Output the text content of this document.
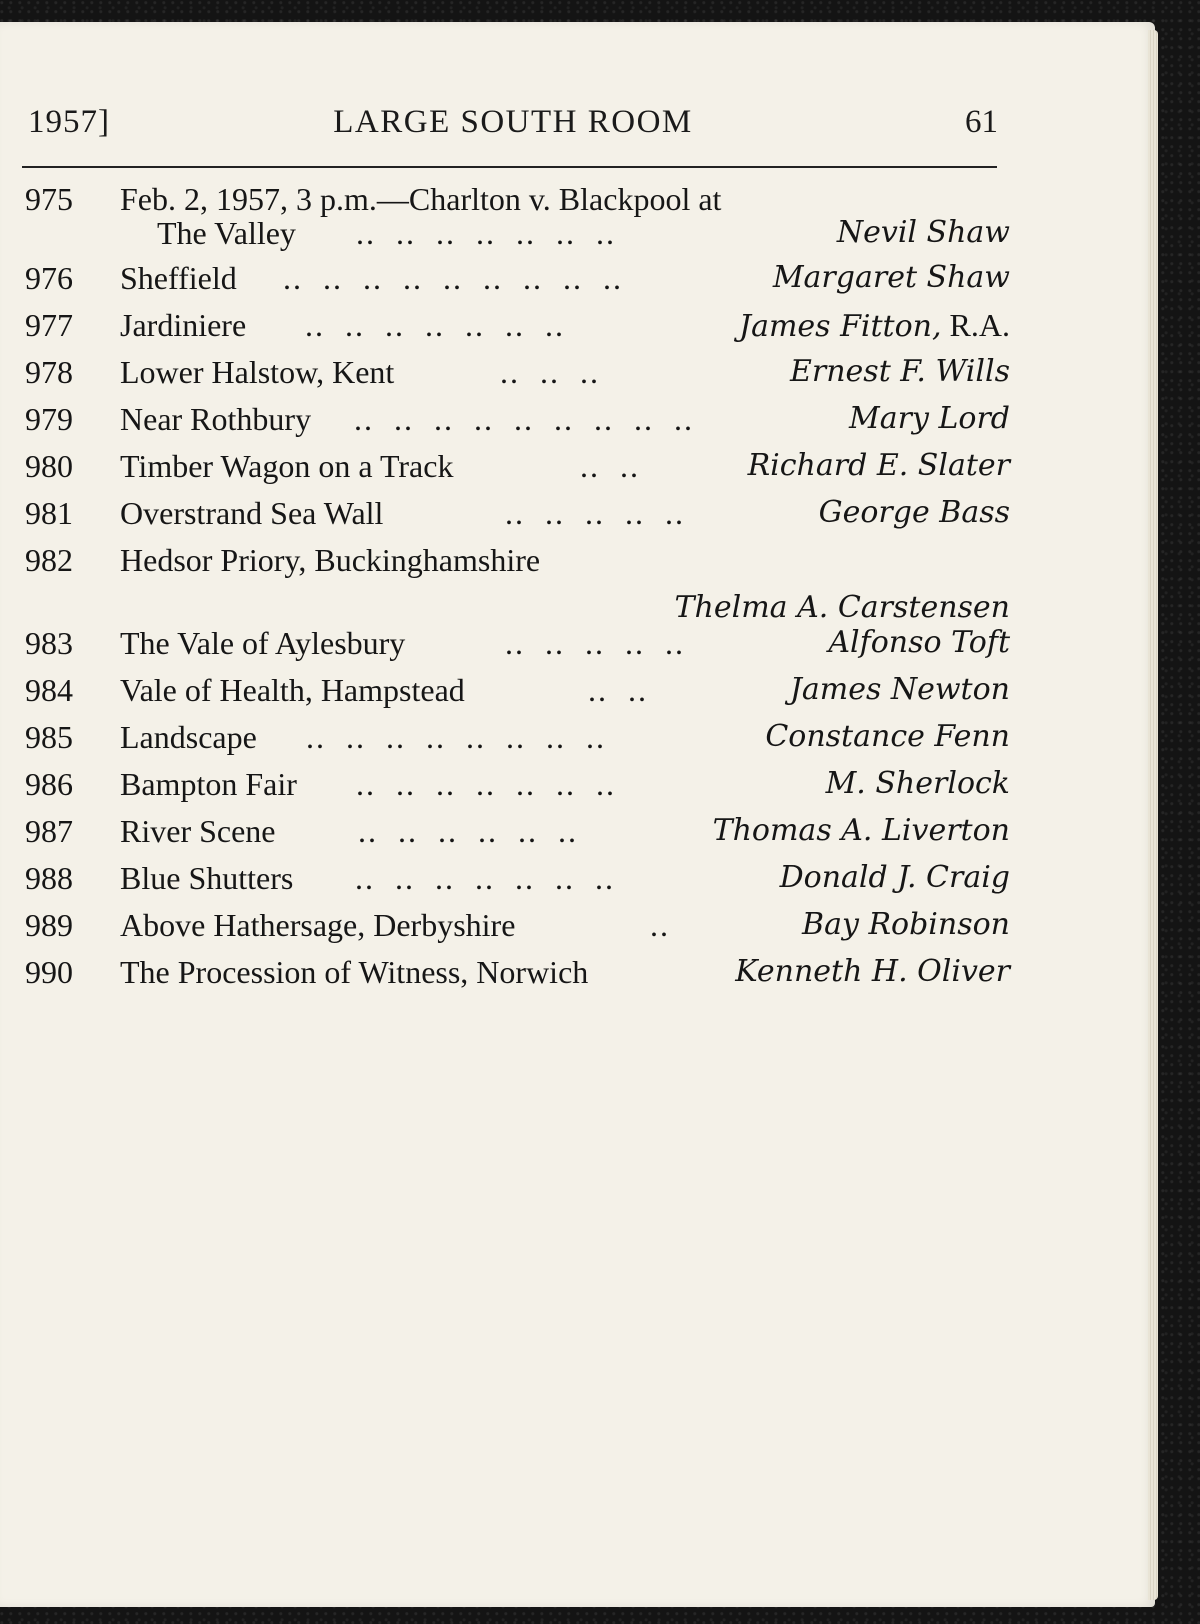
1957]	LARGE SOUTH ROOM	61
975	Feb. 2, 1957, 3 p.m.—Charlton v. Blackpool at
The Valley ..  ..  ..  ..  ..  ..  ..	Nevil Shaw
976	Sheffield ..  ..  ..  ..  ..  ..  ..  ..  ..	Margaret Shaw
977	Jardiniere ..  ..  ..  ..  ..  ..  ..	James Fitton, R.A.
978	Lower Halstow, Kent	..  ..  ..	Ernest F. Wills
979	Near Rothbury ..  ..  ..  ..  ..  ..  ..  ..  ..	Mary Lord
980	Timber Wagon on a Track	..  ..	Richard E. Slater
981	Overstrand Sea Wall	..  ..  ..  ..  ..	George Bass
982	Hedsor Priory, Buckinghamshire
Thelma A. Carstensen
983	The Vale of Aylesbury	..  ..  ..  ..  ..	Alfonso Toft
984	Vale of Health, Hampstead	..  ..	James Newton
985	Landscape ..  ..  ..  ..  ..  ..  ..  ..	Constance Fenn
986	Bampton Fair ..  ..  ..  ..  ..  ..  ..	M. Sherlock
987	River Scene	..  ..  ..  ..  ..  ..	Thomas A. Liverton
988	Blue Shutters ..  ..  ..  ..  ..  ..  ..	Donald J. Craig
989	Above Hathersage, Derbyshire	..	Bay Robinson
990	The Procession of Witness, Norwich	Kenneth H. Oliver
